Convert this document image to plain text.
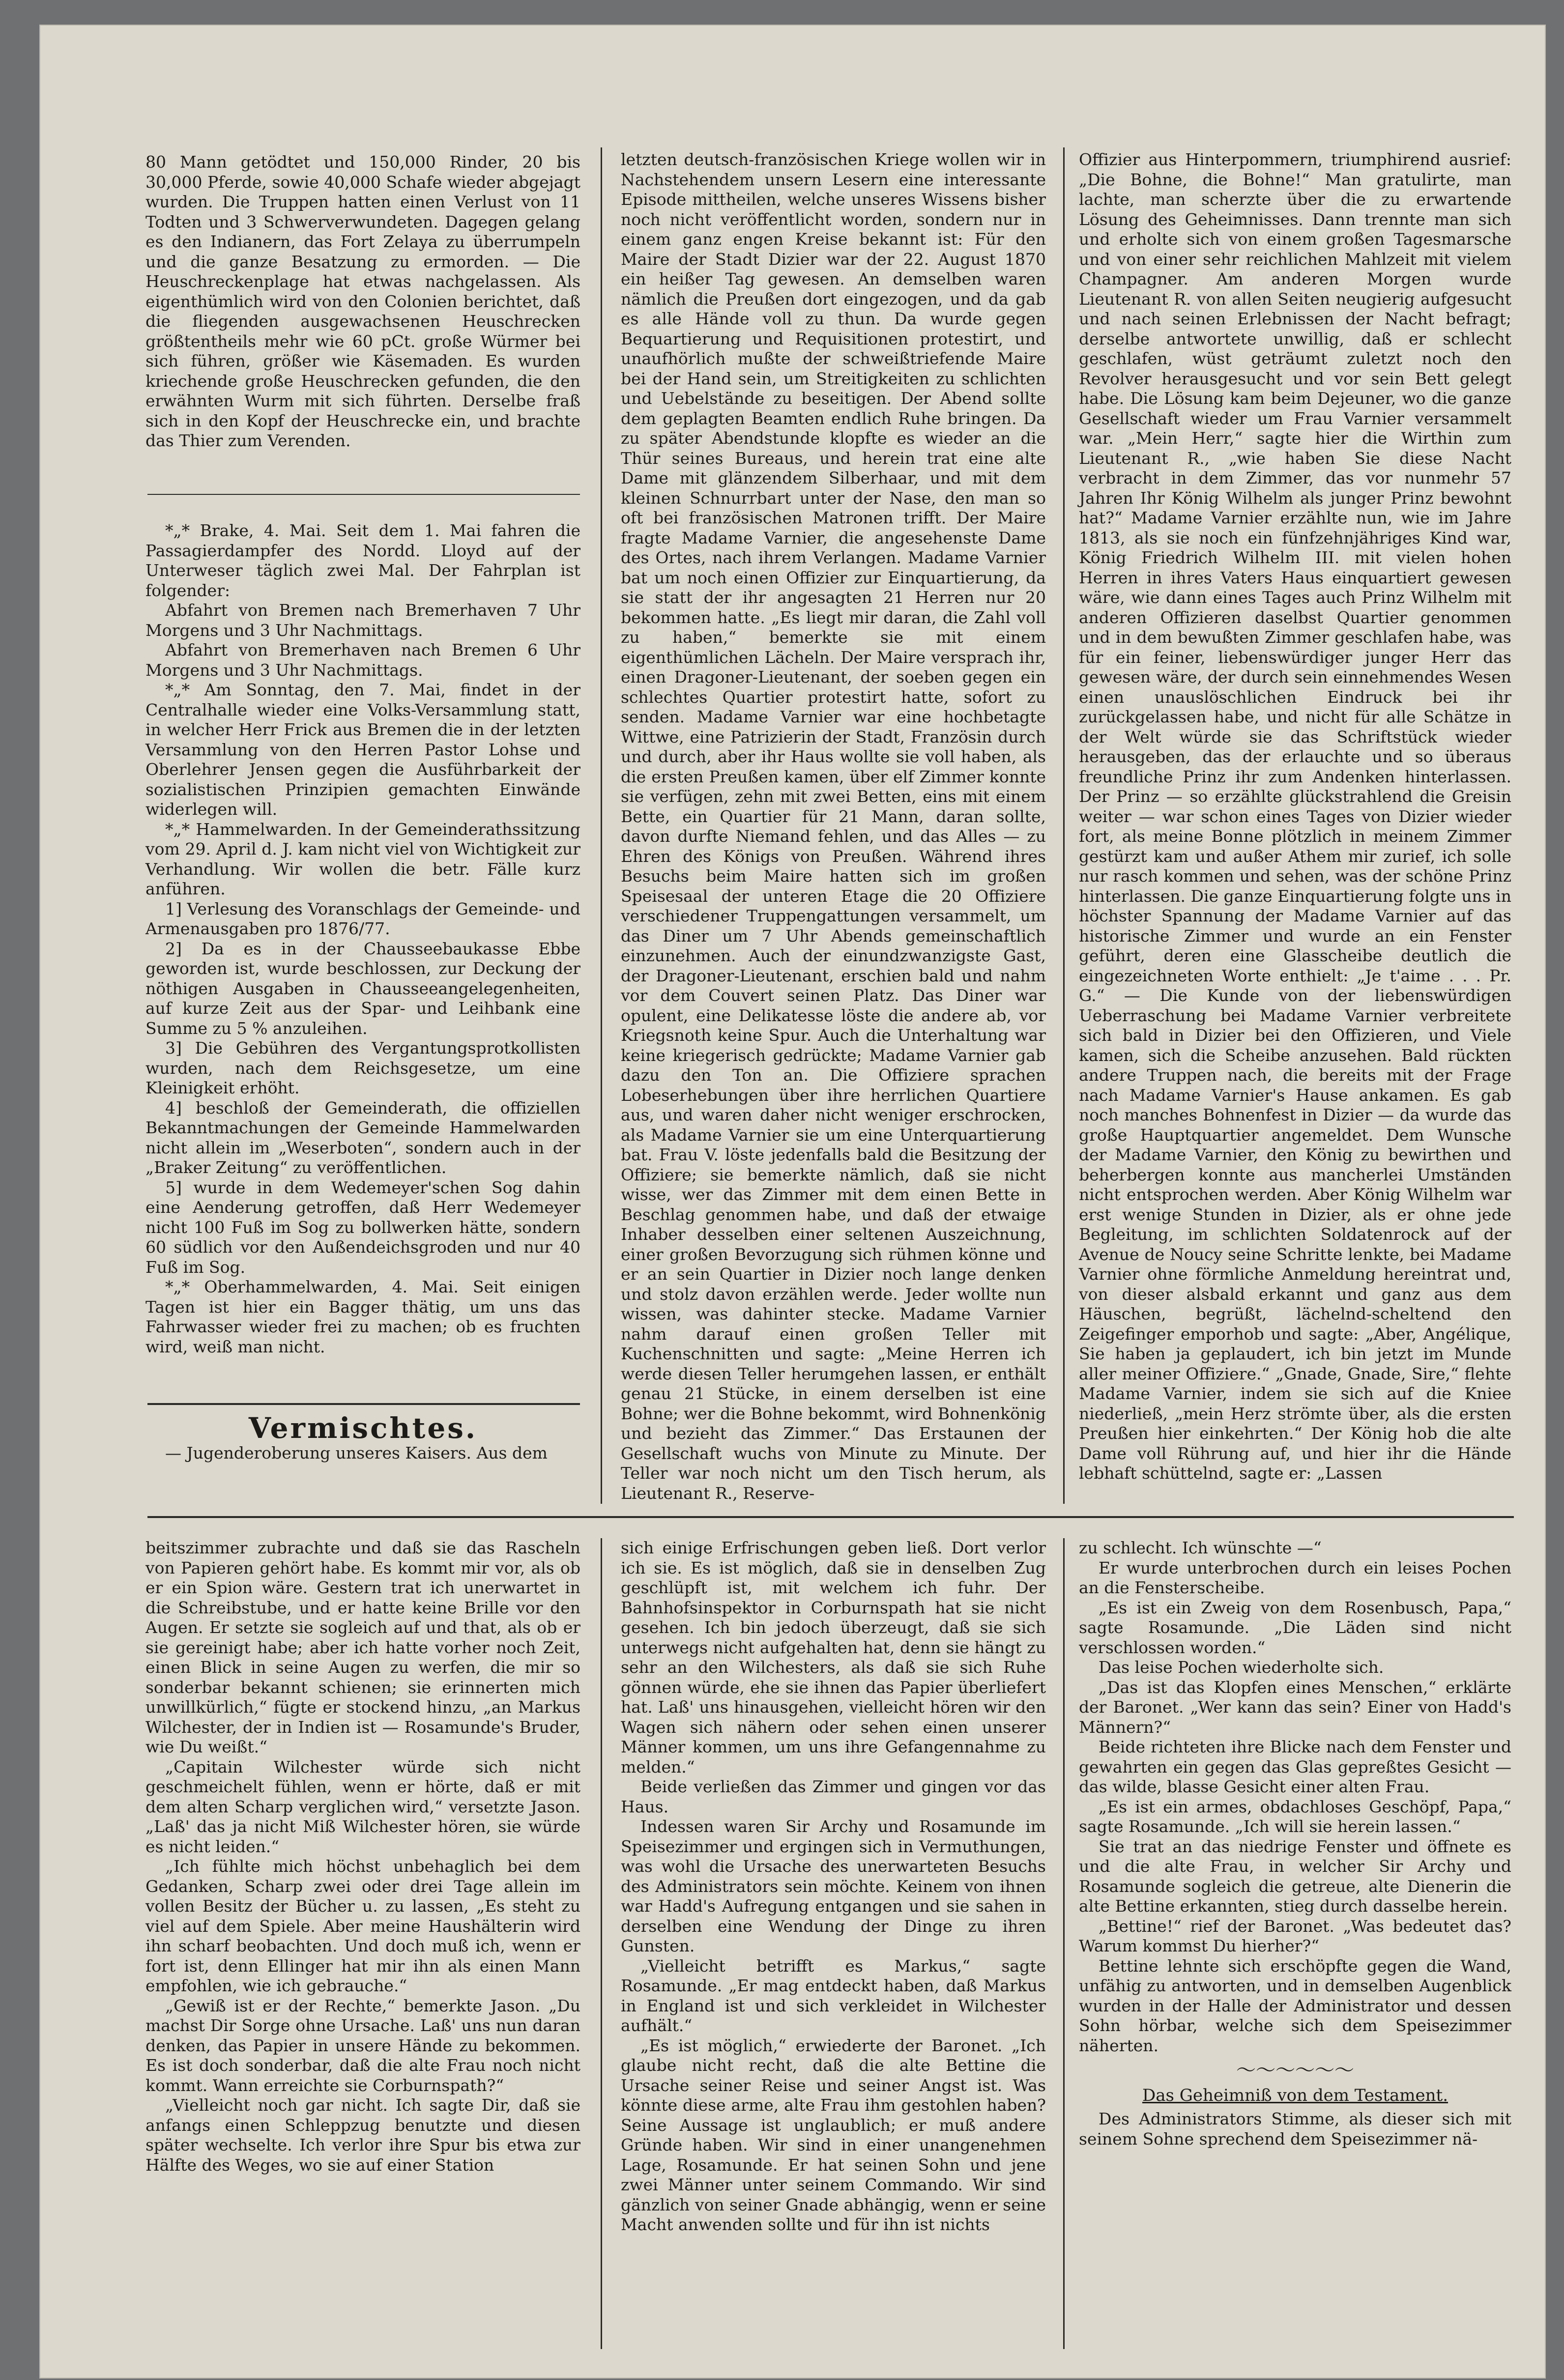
80 Mann getödtet und 150,000 Rinder, 20 bis 30,000 Pferde, sowie 40,000 Schafe wieder abgejagt wurden. Die Truppen hatten einen Verlust von 11 Todten und 3 Schwerverwundeten. Dagegen gelang es den Indianern, das Fort Zelaya zu überrumpeln und die ganze Besatzung zu ermorden. — Die Heuschreckenplage hat etwas nachgelassen. Als eigenthümlich wird von den Colonien berichtet, daß die fliegenden ausgewachsenen Heuschrecken größtentheils mehr wie 60 pCt. große Würmer bei sich führen, größer wie Käsemaden. Es wurden kriechende große Heuschrecken gefunden, die den erwähnten Wurm mit sich führten. Derselbe fraß sich in den Kopf der Heuschrecke ein, und brachte das Thier zum Verenden.

*„* Brake, 4. Mai. Seit dem 1. Mai fahren die Passagierdampfer des Nordd. Lloyd auf der Unterweser täglich zwei Mal. Der Fahrplan ist folgender:

Abfahrt von Bremen nach Bremerhaven 7 Uhr Morgens und 3 Uhr Nachmittags.

Abfahrt von Bremerhaven nach Bremen 6 Uhr Morgens und 3 Uhr Nachmittags.

*„* Am Sonntag, den 7. Mai, findet in der Centralhalle wieder eine Volks-Versammlung statt, in welcher Herr Frick aus Bremen die in der letzten Versammlung von den Herren Pastor Lohse und Oberlehrer Jensen gegen die Ausführbarkeit der sozialistischen Prinzipien gemachten Einwände widerlegen will.

*„* Hammelwarden. In der Gemeinderathssitzung vom 29. April d. J. kam nicht viel von Wichtigkeit zur Verhandlung. Wir wollen die betr. Fälle kurz anführen.

1] Verlesung des Voranschlags der Gemeinde- und Armenausgaben pro 1876/77.

2] Da es in der Chausseebaukasse Ebbe geworden ist, wurde beschlossen, zur Deckung der nöthigen Ausgaben in Chausseeangelegenheiten, auf kurze Zeit aus der Spar- und Leihbank eine Summe zu 5 % anzuleihen.

3] Die Gebühren des Vergantungsprotkollisten wurden, nach dem Reichsgesetze, um eine Kleinigkeit erhöht.

4] beschloß der Gemeinderath, die offiziellen Bekanntmachungen der Gemeinde Hammelwarden nicht allein im „Weserboten“, sondern auch in der „Braker Zeitung“ zu veröffentlichen.

5] wurde in dem Wedemeyer'schen Sog dahin eine Aenderung getroffen, daß Herr Wedemeyer nicht 100 Fuß im Sog zu bollwerken hätte, sondern 60 südlich vor den Außendeichsgroden und nur 40 Fuß im Sog.

*„* Oberhammelwarden, 4. Mai. Seit einigen Tagen ist hier ein Bagger thätig, um uns das Fahrwasser wieder frei zu machen; ob es fruchten wird, weiß man nicht.

Vermischtes.

— Jugenderoberung unseres Kaisers. Aus dem

letzten deutsch-französischen Kriege wollen wir in Nachstehendem unsern Lesern eine interessante Episode mittheilen, welche unseres Wissens bisher noch nicht veröffentlicht worden, sondern nur in einem ganz engen Kreise bekannt ist: Für den Maire der Stadt Dizier war der 22. August 1870 ein heißer Tag gewesen. An demselben waren nämlich die Preußen dort eingezogen, und da gab es alle Hände voll zu thun. Da wurde gegen Bequartierung und Requisitionen protestirt, und unaufhörlich mußte der schweißtriefende Maire bei der Hand sein, um Streitigkeiten zu schlichten und Uebelstände zu beseitigen. Der Abend sollte dem geplagten Beamten endlich Ruhe bringen. Da zu später Abendstunde klopfte es wieder an die Thür seines Bureaus, und herein trat eine alte Dame mit glänzendem Silberhaar, und mit dem kleinen Schnurrbart unter der Nase, den man so oft bei französischen Matronen trifft. Der Maire fragte Madame Varnier, die angesehenste Dame des Ortes, nach ihrem Verlangen. Madame Varnier bat um noch einen Offizier zur Einquartierung, da sie statt der ihr angesagten 21 Herren nur 20 bekommen hatte. „Es liegt mir daran, die Zahl voll zu haben,“ bemerkte sie mit einem eigenthümlichen Lächeln. Der Maire versprach ihr, einen Dragoner-Lieutenant, der soeben gegen ein schlechtes Quartier protestirt hatte, sofort zu senden. Madame Varnier war eine hochbetagte Wittwe, eine Patrizierin der Stadt, Französin durch und durch, aber ihr Haus wollte sie voll haben, als die ersten Preußen kamen, über elf Zimmer konnte sie verfügen, zehn mit zwei Betten, eins mit einem Bette, ein Quartier für 21 Mann, daran sollte, davon durfte Niemand fehlen, und das Alles — zu Ehren des Königs von Preußen. Während ihres Besuchs beim Maire hatten sich im großen Speisesaal der unteren Etage die 20 Offiziere verschiedener Truppengattungen versammelt, um das Diner um 7 Uhr Abends gemeinschaftlich einzunehmen. Auch der einundzwanzigste Gast, der Dragoner-Lieutenant, erschien bald und nahm vor dem Couvert seinen Platz. Das Diner war opulent, eine Delikatesse löste die andere ab, vor Kriegsnoth keine Spur. Auch die Unterhaltung war keine kriegerisch gedrückte; Madame Varnier gab dazu den Ton an. Die Offiziere sprachen Lobeserhebungen über ihre herrlichen Quartiere aus, und waren daher nicht weniger erschrocken, als Madame Varnier sie um eine Unterquartierung bat. Frau V. löste jedenfalls bald die Besitzung der Offiziere; sie bemerkte nämlich, daß sie nicht wisse, wer das Zimmer mit dem einen Bette in Beschlag genommen habe, und daß der etwaige Inhaber desselben einer seltenen Auszeichnung, einer großen Bevorzugung sich rühmen könne und er an sein Quartier in Dizier noch lange denken und stolz davon erzählen werde. Jeder wollte nun wissen, was dahinter stecke. Madame Varnier nahm darauf einen großen Teller mit Kuchenschnitten und sagte: „Meine Herren ich werde diesen Teller herumgehen lassen, er enthält genau 21 Stücke, in einem derselben ist eine Bohne; wer die Bohne bekommt, wird Bohnenkönig und bezieht das Zimmer.“ Das Erstaunen der Gesellschaft wuchs von Minute zu Minute. Der Teller war noch nicht um den Tisch herum, als Lieutenant R., Reserve-

Offizier aus Hinterpommern, triumphirend ausrief: „Die Bohne, die Bohne!“ Man gratulirte, man lachte, man scherzte über die zu erwartende Lösung des Geheimnisses. Dann trennte man sich und erholte sich von einem großen Tagesmarsche und von einer sehr reichlichen Mahlzeit mit vielem Champagner. Am anderen Morgen wurde Lieutenant R. von allen Seiten neugierig aufgesucht und nach seinen Erlebnissen der Nacht befragt; derselbe antwortete unwillig, daß er schlecht geschlafen, wüst geträumt zuletzt noch den Revolver herausgesucht und vor sein Bett gelegt habe. Die Lösung kam beim Dejeuner, wo die ganze Gesellschaft wieder um Frau Varnier versammelt war. „Mein Herr,“ sagte hier die Wirthin zum Lieutenant R., „wie haben Sie diese Nacht verbracht in dem Zimmer, das vor nunmehr 57 Jahren Ihr König Wilhelm als junger Prinz bewohnt hat?“ Madame Varnier erzählte nun, wie im Jahre 1813, als sie noch ein fünfzehnjähriges Kind war, König Friedrich Wilhelm III. mit vielen hohen Herren in ihres Vaters Haus einquartiert gewesen wäre, wie dann eines Tages auch Prinz Wilhelm mit anderen Offizieren daselbst Quartier genommen und in dem bewußten Zimmer geschlafen habe, was für ein feiner, liebenswürdiger junger Herr das gewesen wäre, der durch sein einnehmendes Wesen einen unauslöschlichen Eindruck bei ihr zurückgelassen habe, und nicht für alle Schätze in der Welt würde sie das Schriftstück wieder herausgeben, das der erlauchte und so überaus freundliche Prinz ihr zum Andenken hinterlassen. Der Prinz — so erzählte glückstrahlend die Greisin weiter — war schon eines Tages von Dizier wieder fort, als meine Bonne plötzlich in meinem Zimmer gestürzt kam und außer Athem mir zurief, ich solle nur rasch kommen und sehen, was der schöne Prinz hinterlassen. Die ganze Einquartierung folgte uns in höchster Spannung der Madame Varnier auf das historische Zimmer und wurde an ein Fenster geführt, deren eine Glasscheibe deutlich die eingezeichneten Worte enthielt: „Je t'aime . . . Pr. G.“ — Die Kunde von der liebenswürdigen Ueberraschung bei Madame Varnier verbreitete sich bald in Dizier bei den Offizieren, und Viele kamen, sich die Scheibe anzusehen. Bald rückten andere Truppen nach, die bereits mit der Frage nach Madame Varnier's Hause ankamen. Es gab noch manches Bohnenfest in Dizier — da wurde das große Hauptquartier angemeldet. Dem Wunsche der Madame Varnier, den König zu bewirthen und beherbergen konnte aus mancherlei Umständen nicht entsprochen werden. Aber König Wilhelm war erst wenige Stunden in Dizier, als er ohne jede Begleitung, im schlichten Soldatenrock auf der Avenue de Noucy seine Schritte lenkte, bei Madame Varnier ohne förmliche Anmeldung hereintrat und, von dieser alsbald erkannt und ganz aus dem Häuschen, begrüßt, lächelnd-scheltend den Zeigefinger emporhob und sagte: „Aber, Angélique, Sie haben ja geplaudert, ich bin jetzt im Munde aller meiner Offiziere.“ „Gnade, Gnade, Sire,“ flehte Madame Varnier, indem sie sich auf die Kniee niederließ, „mein Herz strömte über, als die ersten Preußen hier einkehrten.“ Der König hob die alte Dame voll Rührung auf, und hier ihr die Hände lebhaft schüttelnd, sagte er: „Lassen

beitszimmer zubrachte und daß sie das Rascheln von Papieren gehört habe. Es kommt mir vor, als ob er ein Spion wäre. Gestern trat ich unerwartet in die Schreibstube, und er hatte keine Brille vor den Augen. Er setzte sie sogleich auf und that, als ob er sie gereinigt habe; aber ich hatte vorher noch Zeit, einen Blick in seine Augen zu werfen, die mir so sonderbar bekannt schienen; sie erinnerten mich unwillkürlich,“ fügte er stockend hinzu, „an Markus Wilchester, der in Indien ist — Rosamunde's Bruder, wie Du weißt.“

„Capitain Wilchester würde sich nicht geschmeichelt fühlen, wenn er hörte, daß er mit dem alten Scharp verglichen wird,“ versetzte Jason. „Laß' das ja nicht Miß Wilchester hören, sie würde es nicht leiden.“

„Ich fühlte mich höchst unbehaglich bei dem Gedanken, Scharp zwei oder drei Tage allein im vollen Besitz der Bücher u. zu lassen, „Es steht zu viel auf dem Spiele. Aber meine Haushälterin wird ihn scharf beobachten. Und doch muß ich, wenn er fort ist, denn Ellinger hat mir ihn als einen Mann empfohlen, wie ich gebrauche.“

„Gewiß ist er der Rechte,“ bemerkte Jason. „Du machst Dir Sorge ohne Ursache. Laß' uns nun daran denken, das Papier in unsere Hände zu bekommen. Es ist doch sonderbar, daß die alte Frau noch nicht kommt. Wann erreichte sie Corburnspath?“

„Vielleicht noch gar nicht. Ich sagte Dir, daß sie anfangs einen Schleppzug benutzte und diesen später wechselte. Ich verlor ihre Spur bis etwa zur Hälfte des Weges, wo sie auf einer Station

sich einige Erfrischungen geben ließ. Dort verlor ich sie. Es ist möglich, daß sie in denselben Zug geschlüpft ist, mit welchem ich fuhr. Der Bahnhofsinspektor in Corburnspath hat sie nicht gesehen. Ich bin jedoch überzeugt, daß sie sich unterwegs nicht aufgehalten hat, denn sie hängt zu sehr an den Wilchesters, als daß sie sich Ruhe gönnen würde, ehe sie ihnen das Papier überliefert hat. Laß' uns hinausgehen, vielleicht hören wir den Wagen sich nähern oder sehen einen unserer Männer kommen, um uns ihre Gefangennahme zu melden.“

Beide verließen das Zimmer und gingen vor das Haus.

Indessen waren Sir Archy und Rosamunde im Speisezimmer und ergingen sich in Vermuthungen, was wohl die Ursache des unerwarteten Besuchs des Administrators sein möchte. Keinem von ihnen war Hadd's Aufregung entgangen und sie sahen in derselben eine Wendung der Dinge zu ihren Gunsten.

„Vielleicht betrifft es Markus,“ sagte Rosamunde. „Er mag entdeckt haben, daß Markus in England ist und sich verkleidet in Wilchester aufhält.“

„Es ist möglich,“ erwiederte der Baronet. „Ich glaube nicht recht, daß die alte Bettine die Ursache seiner Reise und seiner Angst ist. Was könnte diese arme, alte Frau ihm gestohlen haben? Seine Aussage ist unglaublich; er muß andere Gründe haben. Wir sind in einer unangenehmen Lage, Rosamunde. Er hat seinen Sohn und jene zwei Männer unter seinem Commando. Wir sind gänzlich von seiner Gnade abhängig, wenn er seine Macht anwenden sollte und für ihn ist nichts

zu schlecht. Ich wünschte —“

Er wurde unterbrochen durch ein leises Pochen an die Fensterscheibe.

„Es ist ein Zweig von dem Rosenbusch, Papa,“ sagte Rosamunde. „Die Läden sind nicht verschlossen worden.“

Das leise Pochen wiederholte sich.

„Das ist das Klopfen eines Menschen,“ erklärte der Baronet. „Wer kann das sein? Einer von Hadd's Männern?“

Beide richteten ihre Blicke nach dem Fenster und gewahrten ein gegen das Glas gepreßtes Gesicht — das wilde, blasse Gesicht einer alten Frau.

„Es ist ein armes, obdachloses Geschöpf, Papa,“ sagte Rosamunde. „Ich will sie herein lassen.“

Sie trat an das niedrige Fenster und öffnete es und die alte Frau, in welcher Sir Archy und Rosamunde sogleich die getreue, alte Dienerin die alte Bettine erkannten, stieg durch dasselbe herein.

„Bettine!“ rief der Baronet. „Was bedeutet das? Warum kommst Du hierher?“

Bettine lehnte sich erschöpfte gegen die Wand, unfähig zu antworten, und in demselben Augenblick wurden in der Halle der Administrator und dessen Sohn hörbar, welche sich dem Speisezimmer näherten.

〜〜〜〜〜〜
Das Geheimniß von dem Testament.

Des Administrators Stimme, als dieser sich mit seinem Sohne sprechend dem Speisezimmer nä-
